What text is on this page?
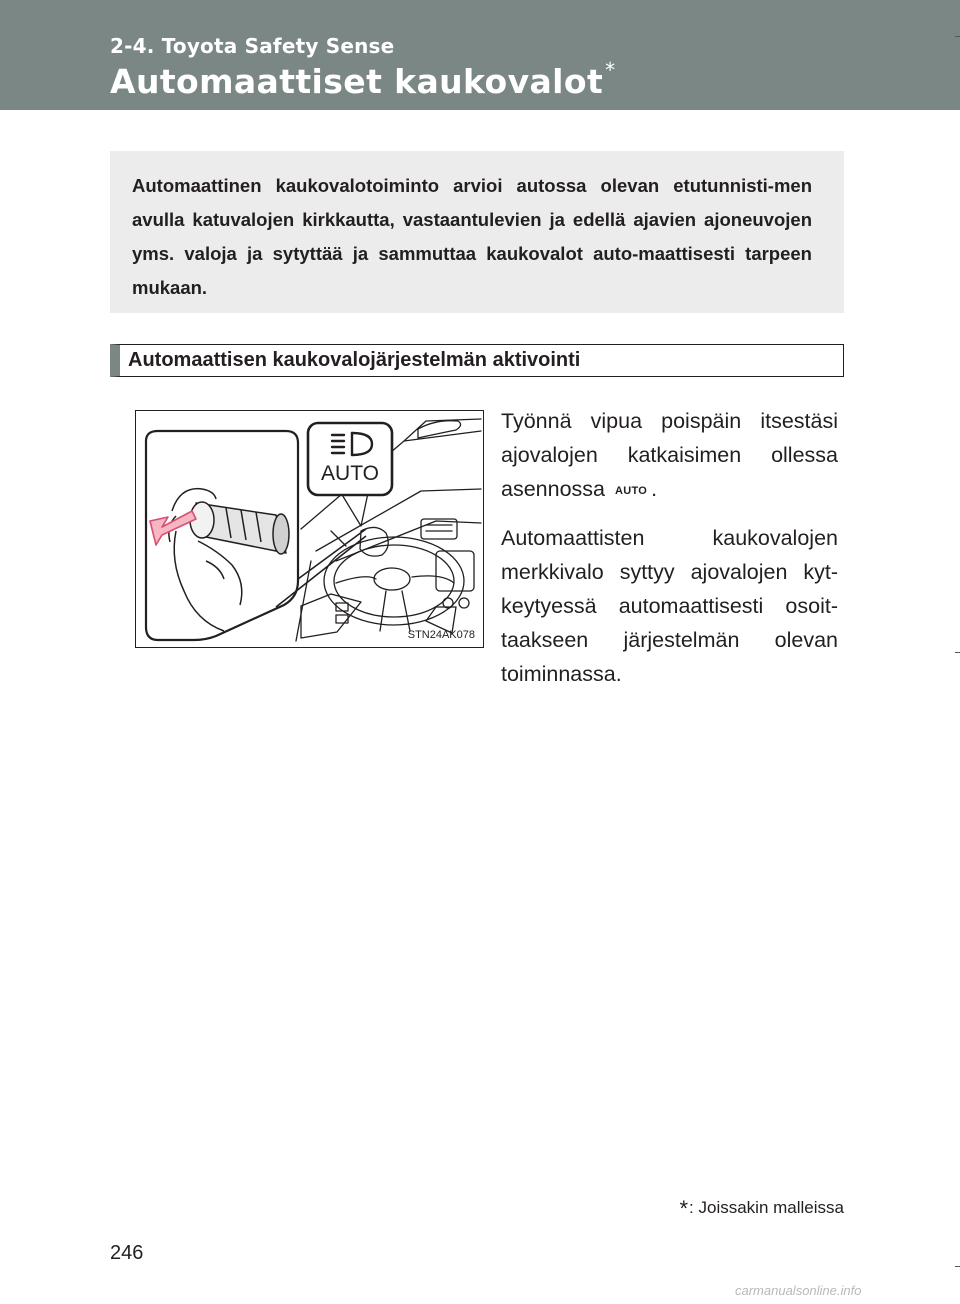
2-4. Toyota Safety Sense
Automaattiset kaukovalot *
Automaattinen kaukovalotoiminto arvioi autossa olevan etutunnisti-men avulla katuvalojen kirkkautta, vastaantulevien ja edellä ajavien ajoneuvojen yms. valoja ja sytyttää ja sammuttaa kaukovalot auto-maattisesti tarpeen mukaan.
Automaattisen kaukovalojärjestelmän aktivointi
AUTO
STN24AK078

Työnnä vipua poispäin itsestäsi ajovalojen katkaisimen ollessa asennossa AUTO .

Automaattisten kaukovalojen merkkivalo syttyy ajovalojen kyt-keytyessä automaattisesti osoit-taakseen järjestelmän olevan toiminnassa.

*: Joissakin malleissa
246
carmanualsonline.info
